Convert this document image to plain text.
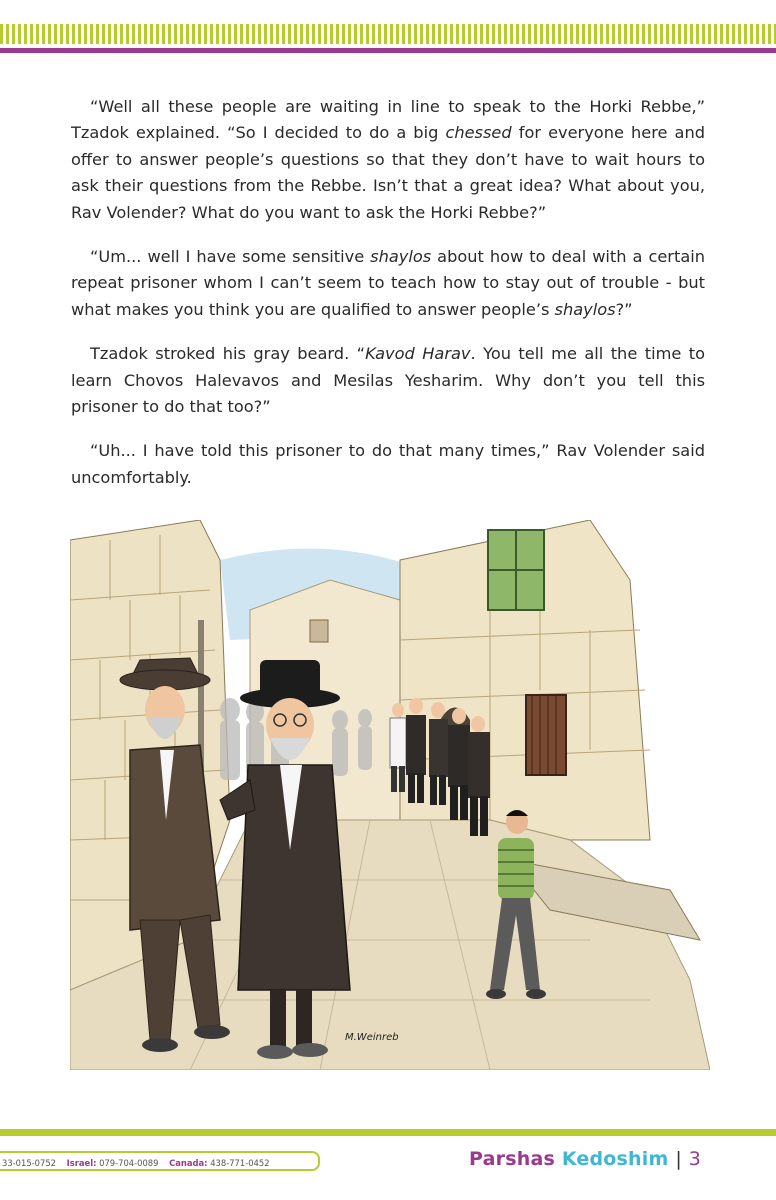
“Well all these people are waiting in line to speak to the Horki Rebbe,” Tzadok explained. “So I decided to do a big chessed for everyone here and offer to answer people’s questions so that they don’t have to wait hours to ask their questions from the Rebbe. Isn’t that a great idea? What about you, Rav Volender? What do you want to ask the Horki Rebbe?”

“Um... well I have some sensitive shaylos about how to deal with a certain repeat prisoner whom I can’t seem to teach how to stay out of trouble - but what makes you think you are qualified to answer people’s shaylos?”

Tzadok stroked his gray beard. “Kavod Harav. You tell me all the time to learn Chovos Halevavos and Mesilas Yesharim. Why don’t you tell this prisoner to do that too?”

“Uh... I have told this prisoner to do that many times,” Rav Volender said uncomfortably.

M.Weinreb
33-015-0752 Israel: 079-704-0089 Canada: 438-771-0452	Parshas Kedoshim | 3
